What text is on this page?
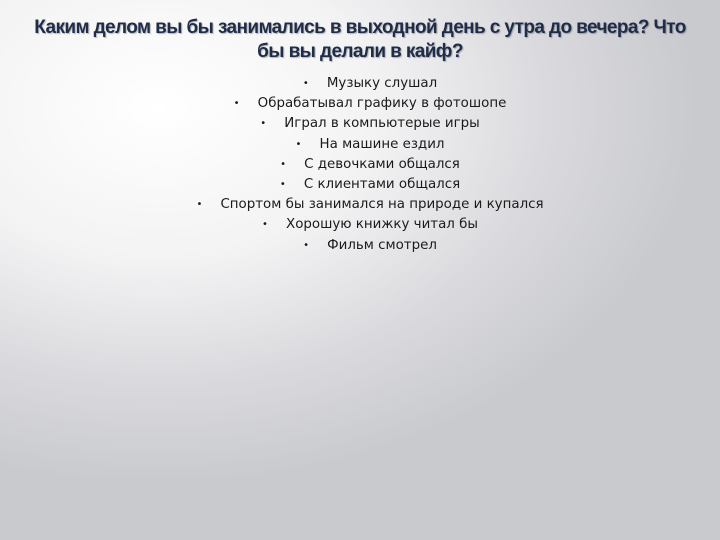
Каким делом вы бы занимались в выходной день с утра до вечера? Что бы вы делали в кайф?
• Музыку слушал
• Обрабатывал графику в фотошопе
• Играл в компьютерые игры
• На машине ездил
• С девочками общался
• С клиентами общался
• Спортом бы занимался на природе и купался
• Хорошую книжку читал бы
• Фильм смотрел
